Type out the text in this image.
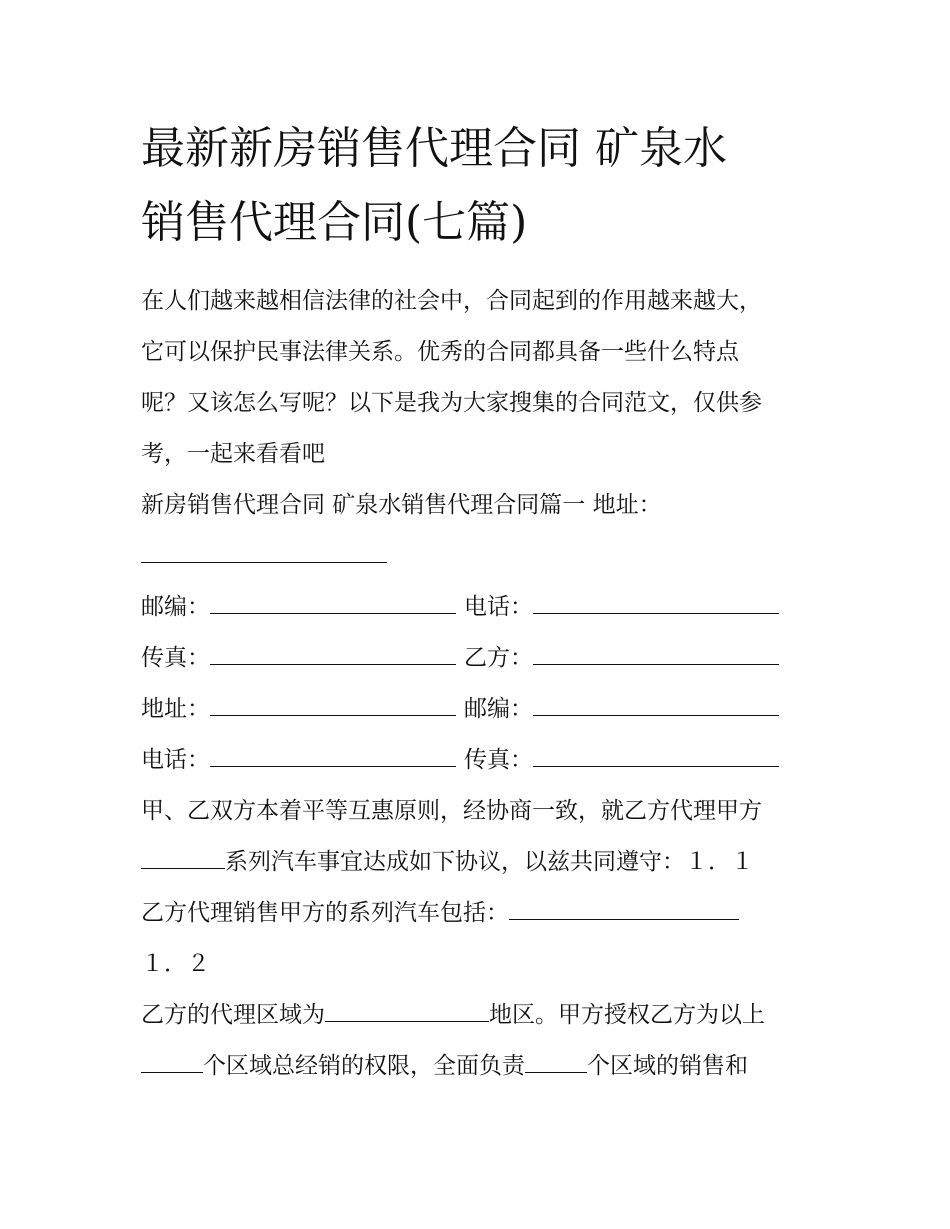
最新新房销售代理合同 矿泉水
销售代理合同(七篇)
在人们越来越相信法律的社会中，合同起到的作用越来越大，
它可以保护民事法律关系。优秀的合同都具备一些什么特点
呢？又该怎么写呢？以下是我为大家搜集的合同范文，仅供参
考，一起来看看吧
新房销售代理合同 矿泉水销售代理合同篇一 地址：
邮编：	电话：
传真：	乙方：
地址：	邮编：
电话：	传真：
甲、乙双方本着平等互惠原则，经协商一致，就乙方代理甲方
系列汽车事宜达成如下协议，以兹共同遵守：１．１
乙方代理销售甲方的系列汽车包括：
１．２
乙方的代理区域为	地区。甲方授权乙方为以上
个区域总经销的权限，全面负责	个区域的销售和
